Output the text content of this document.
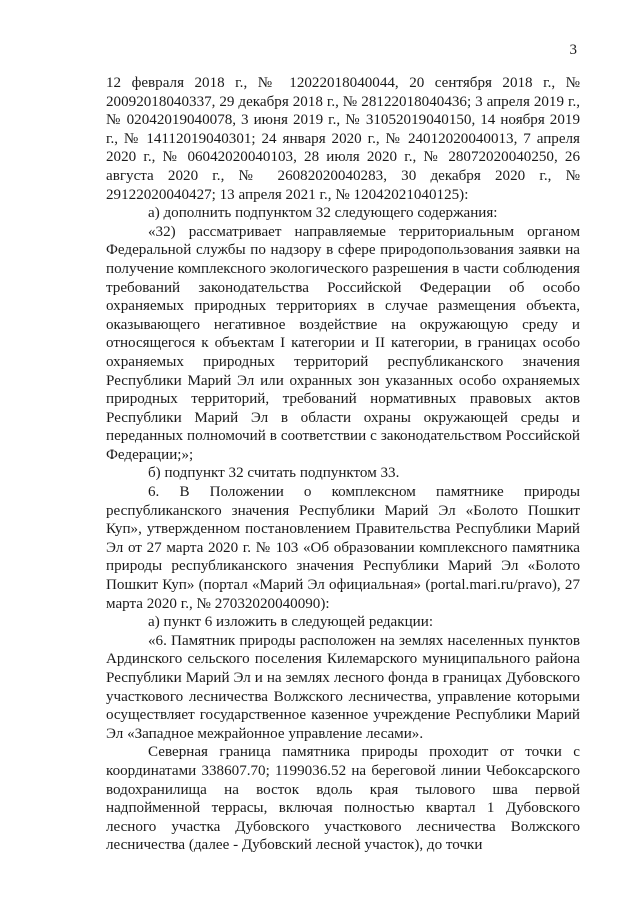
3

12 февраля 2018 г., № 12022018040044, 20 сентября 2018 г., № 20092018040337, 29 декабря 2018 г., № 28122018040436; 3 апреля 2019 г., № 02042019040078, 3 июня 2019 г., № 31052019040150, 14 ноября 2019 г., № 14112019040301; 24 января 2020 г., № 24012020040013, 7 апреля 2020 г., № 06042020040103, 28 июля 2020 г., № 28072020040250, 26 августа 2020 г., № 26082020040283, 30 декабря 2020 г., № 29122020040427; 13 апреля 2021 г., № 12042021040125):

а) дополнить подпунктом 32 следующего содержания:

«32) рассматривает направляемые территориальным органом Федеральной службы по надзору в сфере природопользования заявки на получение комплексного экологического разрешения в части соблюдения требований законодательства Российской Федерации об особо охраняемых природных территориях в случае размещения объекта, оказывающего негативное воздействие на окружающую среду и относящегося к объектам I категории и II категории, в границах особо охраняемых природных территорий республиканского значения Республики Марий Эл или охранных зон указанных особо охраняемых природных территорий, требований нормативных правовых актов Республики Марий Эл в области охраны окружающей среды и переданных полномочий в соответствии с законодательством Российской Федерации;»;

б) подпункт 32 считать подпунктом 33.

6. В Положении о комплексном памятнике природы республиканского значения Республики Марий Эл «Болото Пошкит Куп», утвержденном постановлением Правительства Республики Марий Эл от 27 марта 2020 г. № 103 «Об образовании комплексного памятника природы республиканского значения Республики Марий Эл «Болото Пошкит Куп» (портал «Марий Эл официальная» (portal.mari.ru/pravo), 27 марта 2020 г., № 27032020040090):

а) пункт 6 изложить в следующей редакции:

«6. Памятник природы расположен на землях населенных пунктов Ардинского сельского поселения Килемарского муниципального района Республики Марий Эл и на землях лесного фонда в границах Дубовского участкового лесничества Волжского лесничества, управление которыми осуществляет государственное казенное учреждение Республики Марий Эл «Западное межрайонное управление лесами».

Северная граница памятника природы проходит от точки с координатами 338607.70; 1199036.52 на береговой линии Чебоксарского водохранилища на восток вдоль края тылового шва первой надпойменной террасы, включая полностью квартал 1 Дубовского лесного участка Дубовского участкового лесничества Волжского лесничества (далее - Дубовский лесной участок), до точки
